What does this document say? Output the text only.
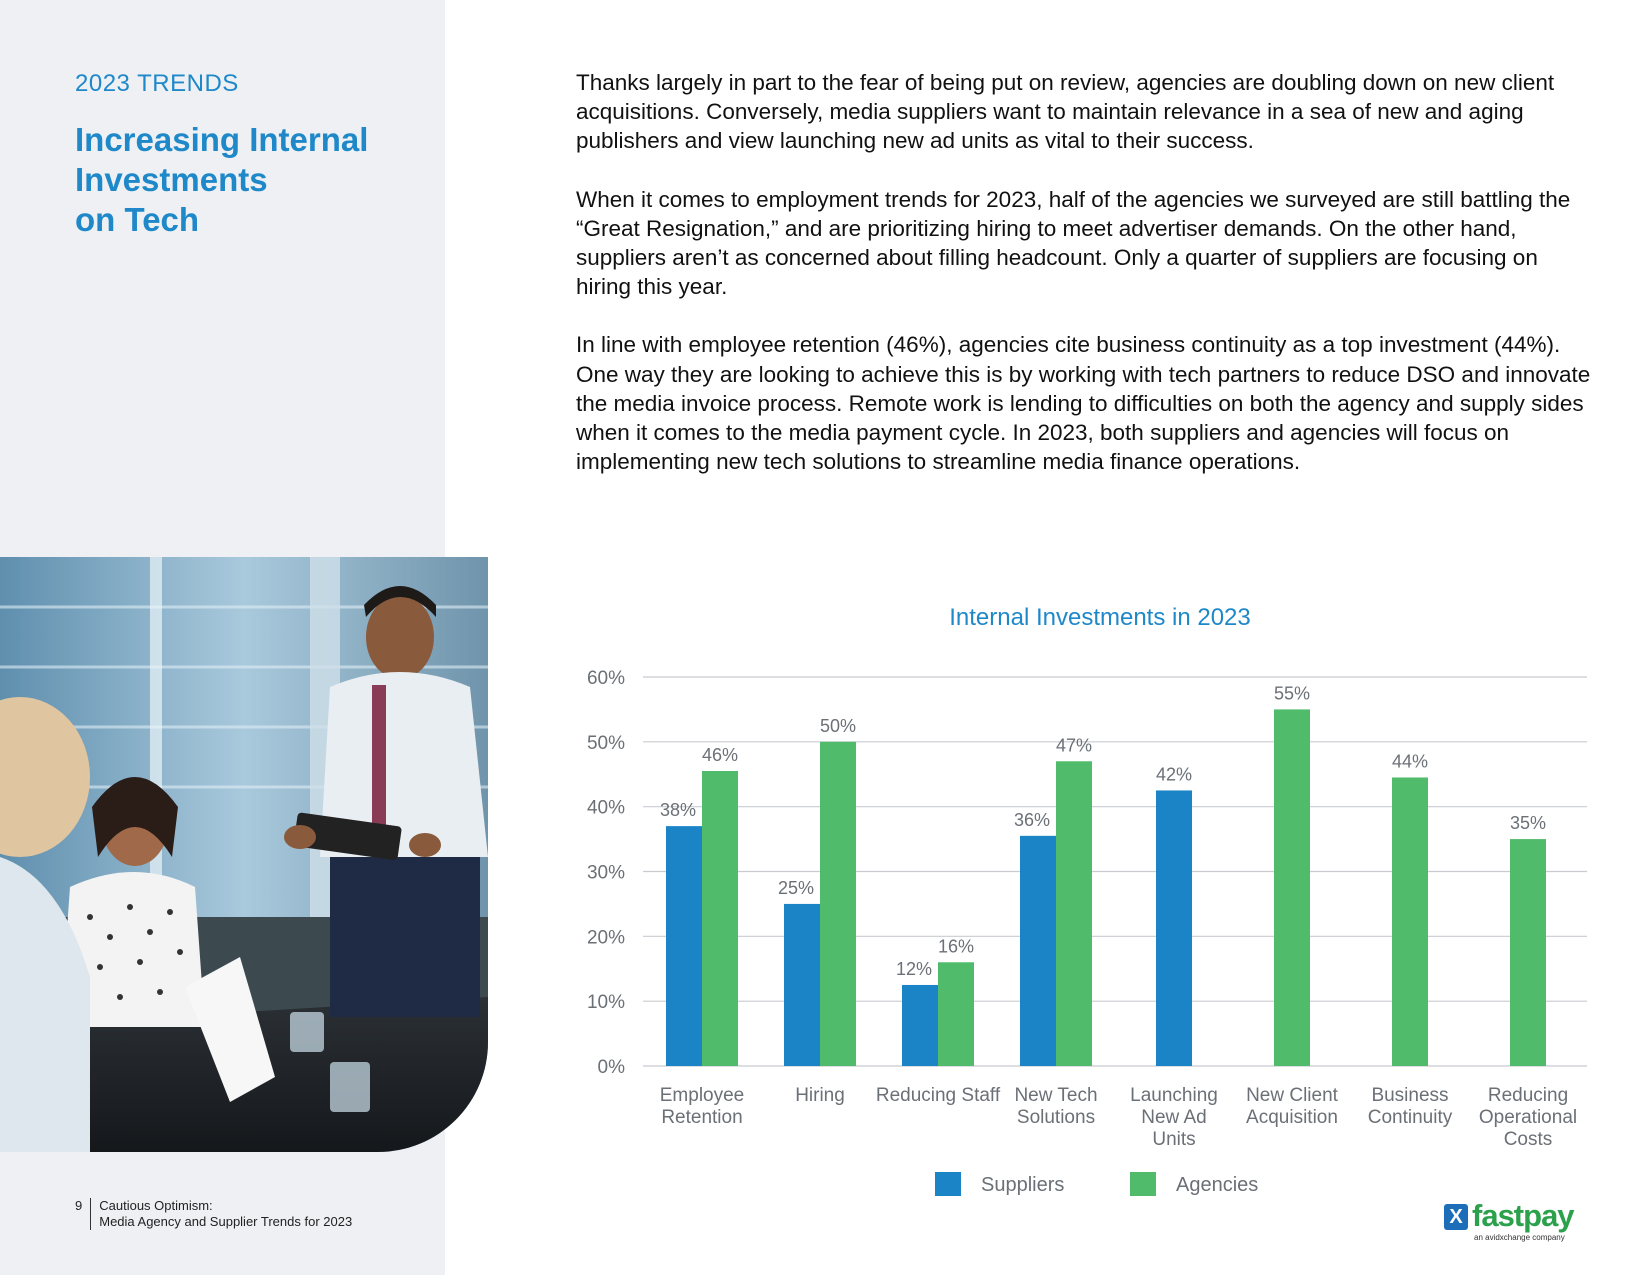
2023 TRENDS
Increasing Internal
Investments
on Tech
9	Cautious Optimism:
Media Agency and Supplier Trends for 2023

Thanks largely in part to the fear of being put on review, agencies are doubling down on new client acquisitions. Conversely, media suppliers want to maintain relevance in a sea of new and aging publishers and view launching new ad units as vital to their success.

When it comes to employment trends for 2023, half of the agencies we surveyed are still battling the “Great Resignation,” and are prioritizing hiring to meet advertiser demands. On the other hand, suppliers aren’t as concerned about filling headcount. Only a quarter of suppliers are focusing on hiring this year.

In line with employee retention (46%), agencies cite business continuity as a top investment (44%). One way they are looking to achieve this is by working with tech partners to reduce DSO and innovate the media invoice process. Remote work is lending to difficulties on both the agency and supply sides when it comes to the media payment cycle. In 2023, both suppliers and agencies will focus on implementing new tech solutions to streamline media finance operations.

Internal Investments in 2023
0%
10%
20%
30%
40%
50%
60%
38%
46%
Employee
Retention
25%
50%
Hiring
12%
16%
Reducing Staff
36%
47%
New Tech
Solutions
42%
Launching
New Ad
Units
55%
New Client
Acquisition
44%
Business
Continuity
35%
Reducing
Operational
Costs
Suppliers	Agencies
X fastpay
an avidxchange company
